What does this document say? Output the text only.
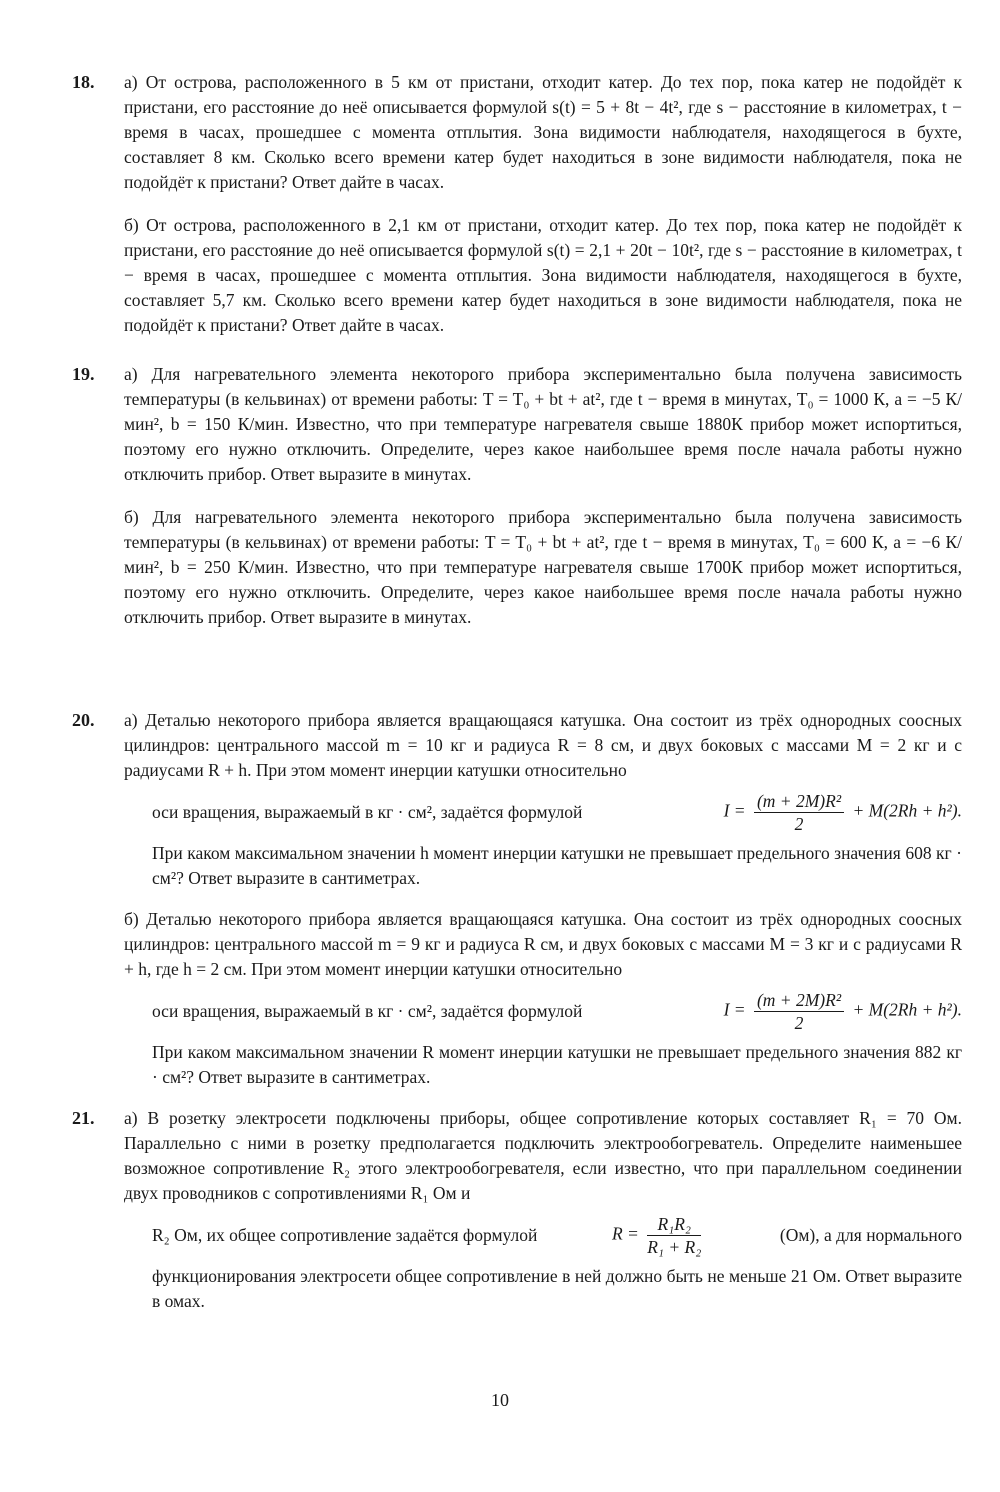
18.	а) От острова, расположенного в 5 км от пристани, отходит катер. До тех пор, пока катер не подойдёт к пристани, его расстояние до неё описывается формулой s(t) = 5 + 8t − 4t², где s − расстояние в километрах, t − время в часах, прошедшее с момента отплытия. Зона видимости наблюдателя, находящегося в бухте, составляет 8 км. Сколько всего времени катер будет находиться в зоне видимости наблюдателя, пока не подойдёт к пристани? Ответ дайте в часах.

б) От острова, расположенного в 2,1 км от пристани, отходит катер. До тех пор, пока катер не подойдёт к пристани, его расстояние до неё описывается формулой s(t) = 2,1 + 20t − 10t², где s − расстояние в километрах, t − время в часах, прошедшее с момента отплытия. Зона видимости наблюдателя, находящегося в бухте, составляет 5,7 км. Сколько всего времени катер будет находиться в зоне видимости наблюдателя, пока не подойдёт к пристани? Ответ дайте в часах.

19.	а) Для нагревательного элемента некоторого прибора экспериментально была получена зависимость температуры (в кельвинах) от времени работы: T = T₀ + bt + at², где t − время в минутах, T₀ = 1000 К, a = −5 К/мин², b = 150 К/мин. Известно, что при температуре нагревателя свыше 1880К прибор может испортиться, поэтому его нужно отключить. Определите, через какое наибольшее время после начала работы нужно отключить прибор. Ответ выразите в минутах.

б) Для нагревательного элемента некоторого прибора экспериментально была получена зависимость температуры (в кельвинах) от времени работы: T = T₀ + bt + at², где t − время в минутах, T₀ = 600 К, a = −6 К/мин², b = 250 К/мин. Известно, что при температуре нагревателя свыше 1700К прибор может испортиться, поэтому его нужно отключить. Определите, через какое наибольшее время после начала работы нужно отключить прибор. Ответ выразите в минутах.

20.	а) Деталью некоторого прибора является вращающаяся катушка. Она состоит из трёх однородных соосных цилиндров: центрального массой m = 10 кг и радиуса R = 8 см, и двух боковых с массами M = 2 кг и с радиусами R + h. При этом момент инерции катушки относительно

оси вращения, выражаемый в кг · см², задаётся формулой	$I = \frac{\text{(m + 2M)R²}}{2} + M(2Rh + h^2)$.

При каком максимальном значении h момент инерции катушки не превышает предельного значения 608 кг · см²? Ответ выразите в сантиметрах.

б) Деталью некоторого прибора является вращающаяся катушка. Она состоит из трёх однородных соосных цилиндров: центрального массой m = 9 кг и радиуса R см, и двух боковых с массами M = 3 кг и с радиусами R + h, где h = 2 см. При этом момент инерции катушки относительно

оси вращения, выражаемый в кг · см², задаётся формулой	$I = \frac{\text{(m + 2M)R²}}{2} + M(2Rh + h^2)$.

При каком максимальном значении R момент инерции катушки не превышает предельного значения 882 кг · см²? Ответ выразите в сантиметрах.

21.	а) В розетку электросети подключены приборы, общее сопротивление которых составляет R₁ = 70 Ом. Параллельно с ними в розетку предполагается подключить электрообогреватель. Определите наименьшее возможное сопротивление R₂ этого электрообогревателя, если известно, что при параллельном соединении двух проводников с сопротивлениями R₁ Ом и

R₂ Ом, их общее сопротивление задаётся формулой	$R = \frac{\text{R₁R₂}}{\text{R₁ + R₂}}$	(Ом), а для нормального

функционирования электросети общее сопротивление в ней должно быть не меньше 21 Ом. Ответ выразите в омах.

10
